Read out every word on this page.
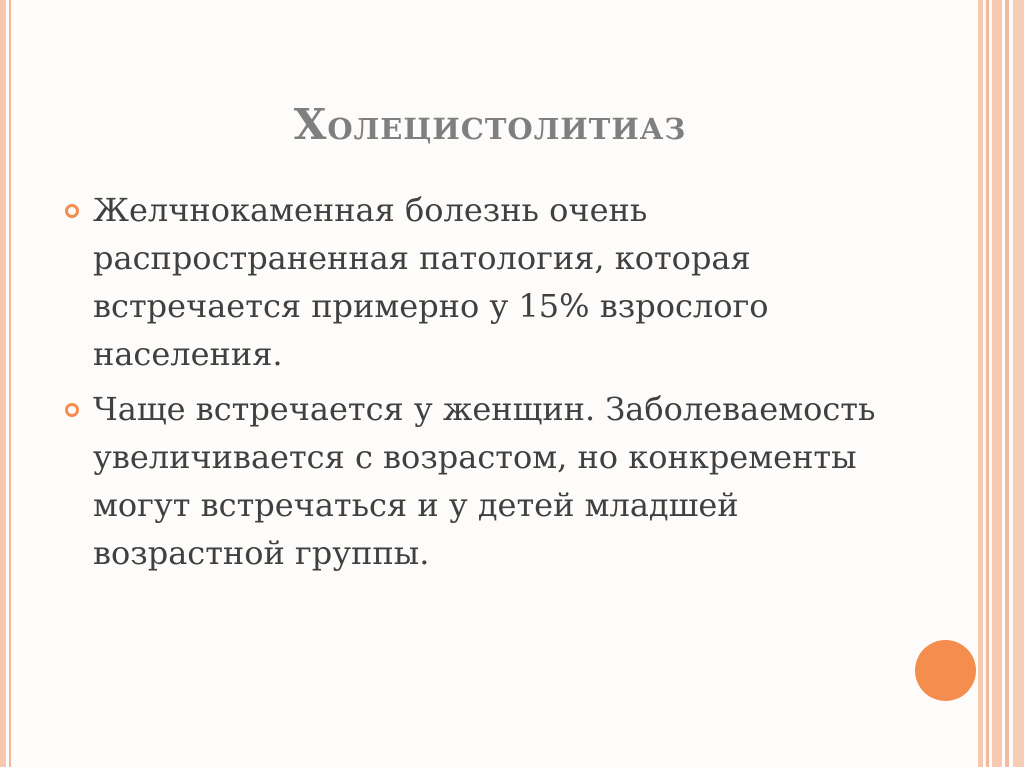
Холецистолитиаз
Желчнокаменная болезнь очень распространенная патология, которая встречается примерно у 15% взрослого населения.
Чаще встречается у женщин. Заболеваемость увеличивается с возрастом, но конкременты могут встречаться и у детей младшей возрастной группы.
